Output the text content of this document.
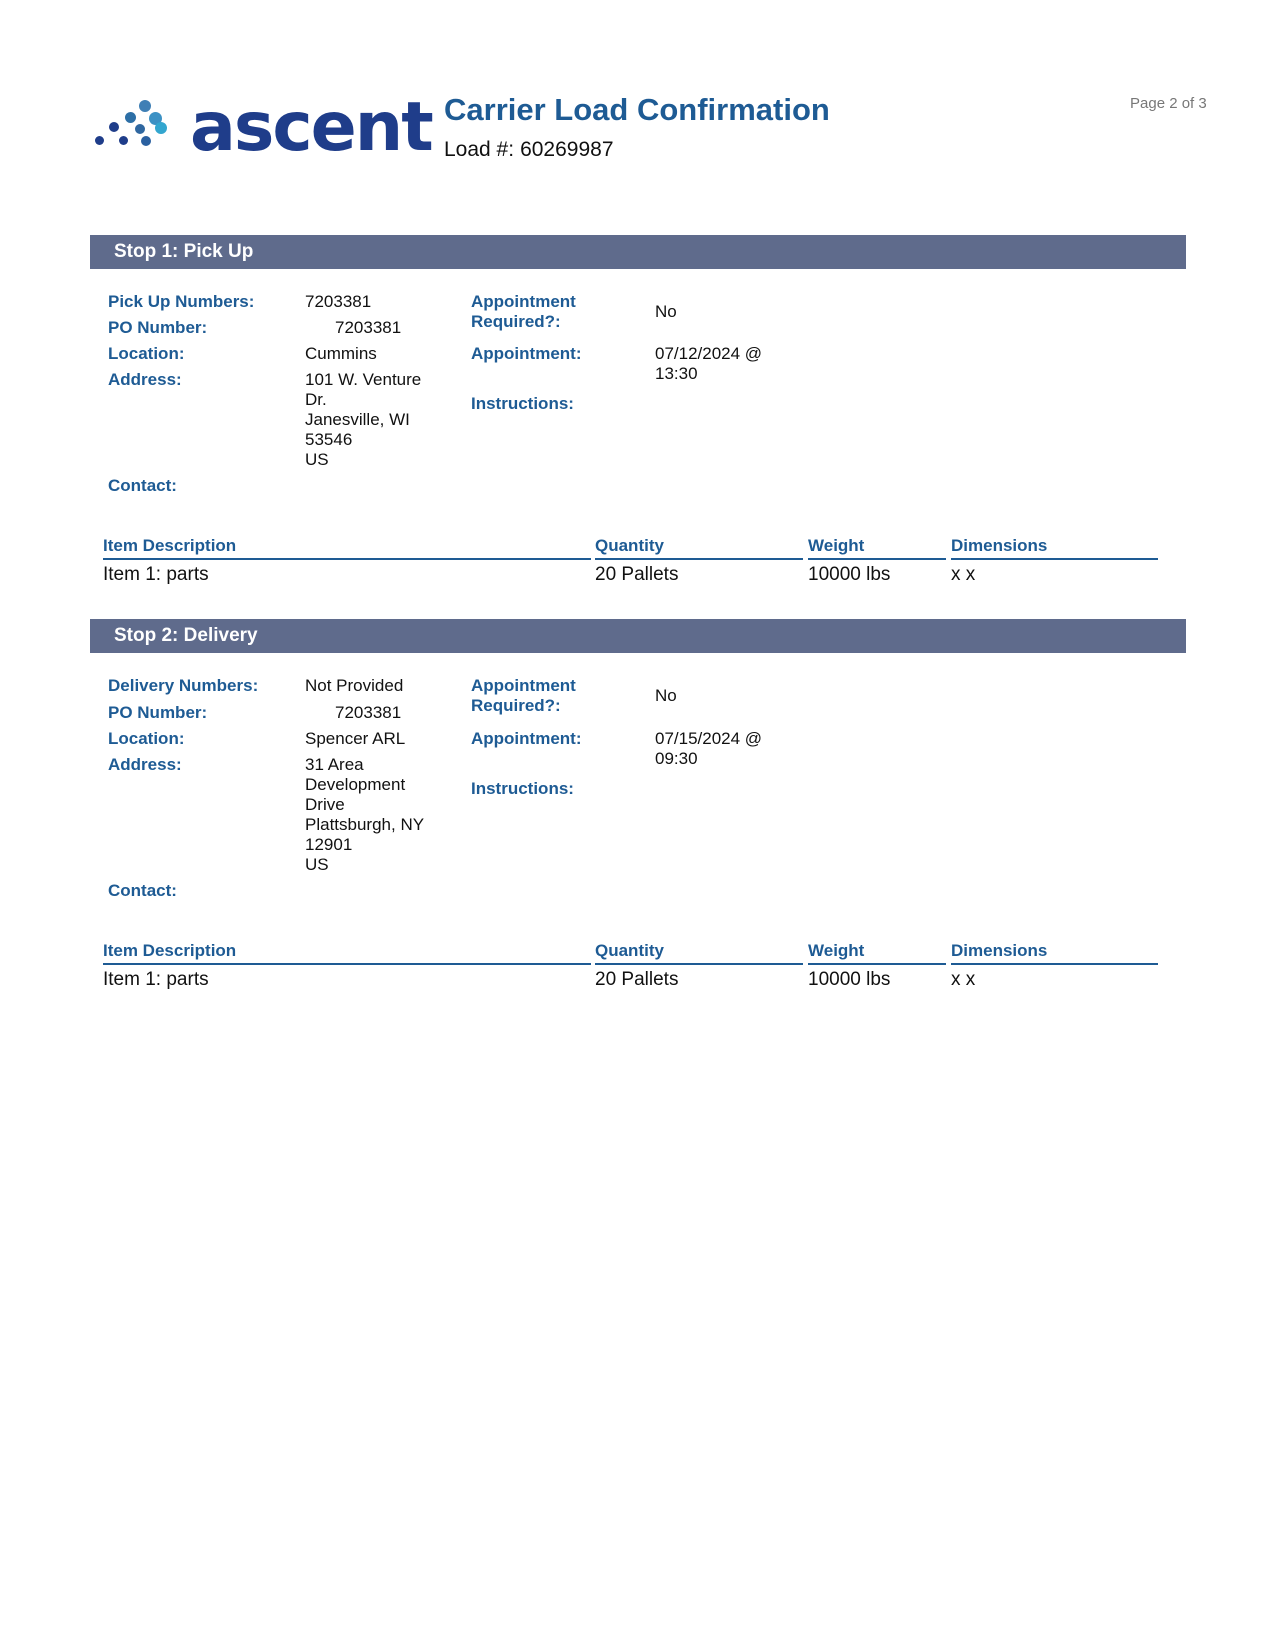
ascent Carrier Load Confirmation
Load #: 60269987
Page 2 of 3
Stop 1: Pick Up
Pick Up Numbers:	7203381
PO Number:	7203381
Location:	Cummins
Address:	101 W. Venture
Dr.
Janesville, WI
53546
US
Contact:
Appointment Required?:
No
Appointment:	07/12/2024 @
13:30
Instructions:
Item Description	Quantity	Weight	Dimensions
Item 1: parts	20 Pallets	10000 lbs	x x
Stop 2: Delivery
Delivery Numbers:	Not Provided
PO Number:	7203381
Location:	Spencer ARL
Address:	31 Area
Development
Drive
Plattsburgh, NY
12901
US
Contact:
Appointment Required?:
No
Appointment:	07/15/2024 @
09:30
Instructions:
Item Description	Quantity	Weight	Dimensions
Item 1: parts	20 Pallets	10000 lbs	x x
